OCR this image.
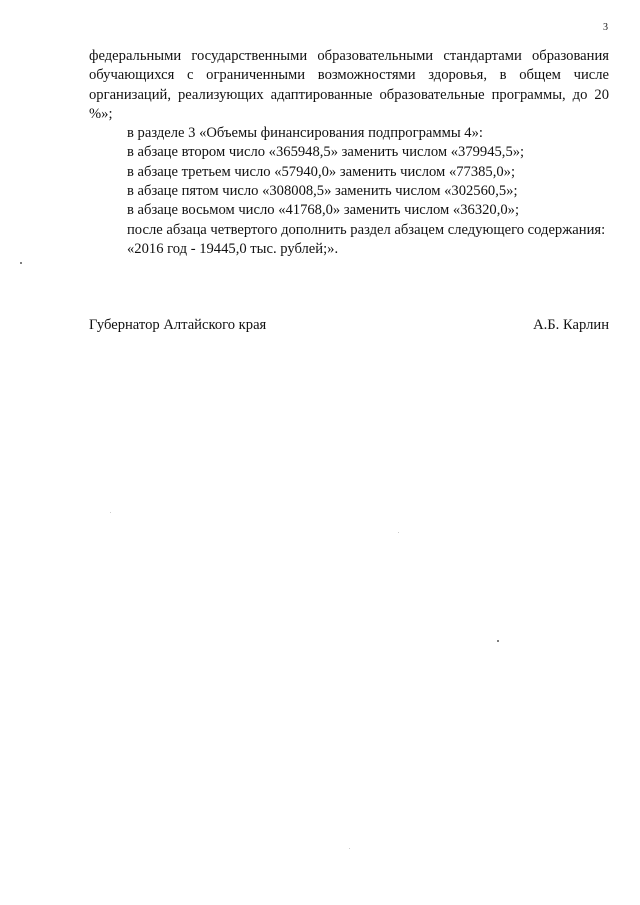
3

федеральными государственными образовательными стандартами образования обучающихся с ограниченными возможностями здоровья, в общем числе организаций, реализующих адаптированные образовательные программы, до 20 %»;

в разделе 3 «Объемы финансирования подпрограммы 4»:

в абзаце втором число «365948,5» заменить числом «379945,5»;

в абзаце третьем число «57940,0» заменить числом «77385,0»;

в абзаце пятом число «308008,5» заменить числом «302560,5»;

в абзаце восьмом число «41768,0» заменить числом «36320,0»;

после абзаца четвертого дополнить раздел абзацем следующего содержания:

«2016 год - 19445,0 тыс. рублей;».

Губернатор Алтайского края	А.Б. Карлин
